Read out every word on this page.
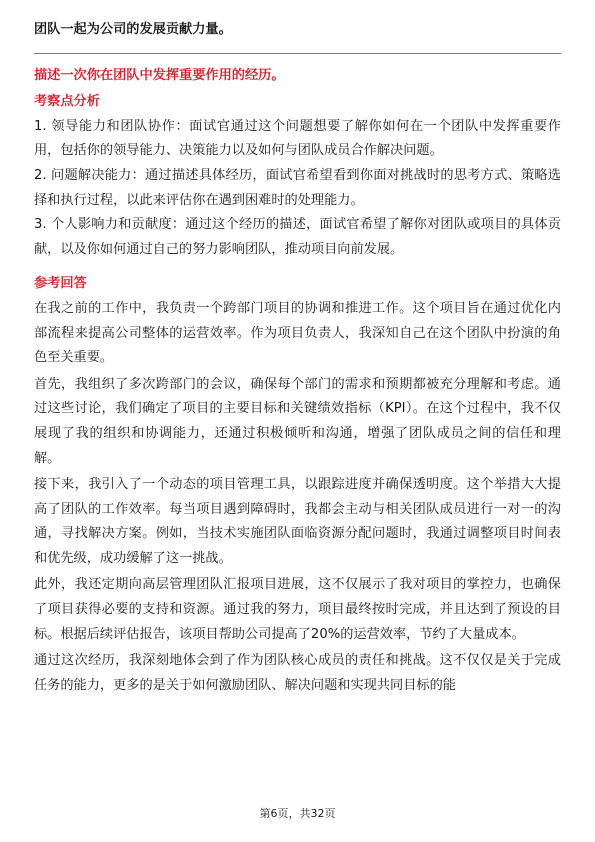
团队一起为公司的发展贡献力量。

描述一次你在团队中发挥重要作用的经历。

考察点分析

1. 领导能力和团队协作：面试官通过这个问题想要了解你如何在一个团队中发挥重要作用，包括你的领导能力、决策能力以及如何与团队成员合作解决问题。

2. 问题解决能力：通过描述具体经历，面试官希望看到你面对挑战时的思考方式、策略选择和执行过程，以此来评估你在遇到困难时的处理能力。

3. 个人影响力和贡献度：通过这个经历的描述，面试官希望了解你对团队或项目的具体贡献，以及你如何通过自己的努力影响团队，推动项目向前发展。

参考回答

在我之前的工作中，我负责一个跨部门项目的协调和推进工作。这个项目旨在通过优化内部流程来提高公司整体的运营效率。作为项目负责人，我深知自己在这个团队中扮演的角色至关重要。

首先，我组织了多次跨部门的会议，确保每个部门的需求和预期都被充分理解和考虑。通过这些讨论，我们确定了项目的主要目标和关键绩效指标（KPI）。在这个过程中，我不仅展现了我的组织和协调能力，还通过积极倾听和沟通，增强了团队成员之间的信任和理解。

接下来，我引入了一个动态的项目管理工具，以跟踪进度并确保透明度。这个举措大大提高了团队的工作效率。每当项目遇到障碍时，我都会主动与相关团队成员进行一对一的沟通，寻找解决方案。例如，当技术实施团队面临资源分配问题时，我通过调整项目时间表和优先级，成功缓解了这一挑战。

此外，我还定期向高层管理团队汇报项目进展，这不仅展示了我对项目的掌控力，也确保了项目获得必要的支持和资源。通过我的努力，项目最终按时完成，并且达到了预设的目标。根据后续评估报告，该项目帮助公司提高了20%的运营效率，节约了大量成本。

通过这次经历，我深刻地体会到了作为团队核心成员的责任和挑战。这不仅仅是关于完成任务的能力，更多的是关于如何激励团队、解决问题和实现共同目标的能

第6页，共32页
